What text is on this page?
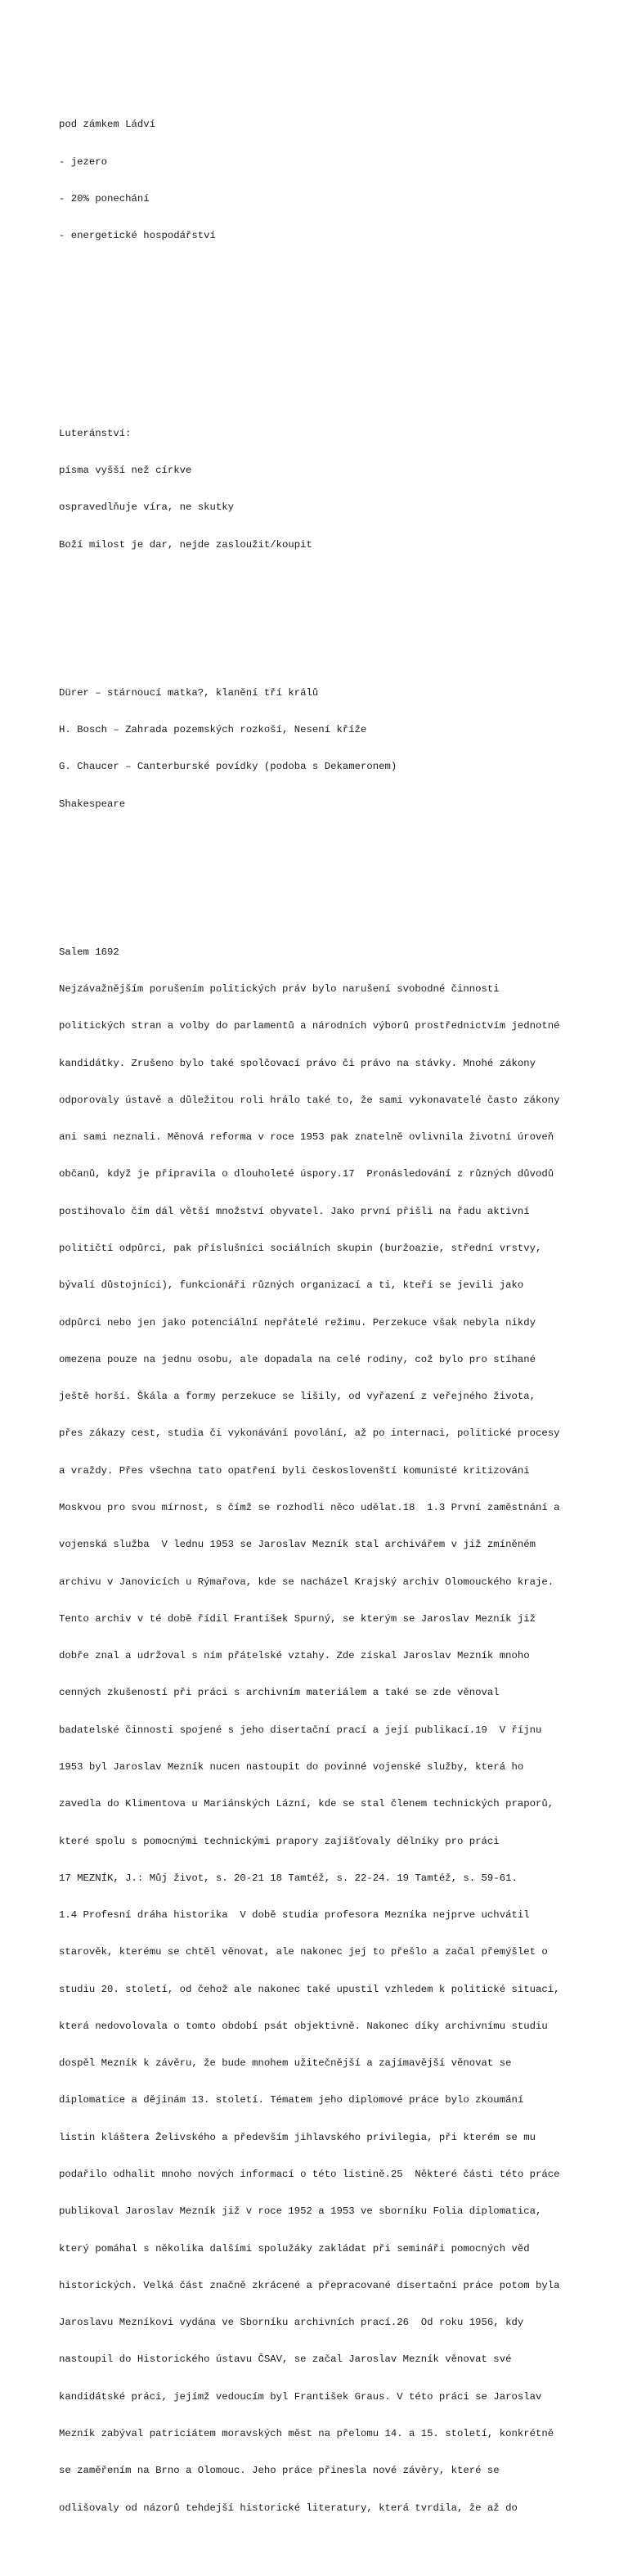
pod zámkem Ládví

- jezero

- 20% ponechání

- energetické hospodářství

Luteránství:

písma vyšší než církve

ospravedlňuje víra, ne skutky

Boží milost je dar, nejde zasloužit/koupit

Dürer – stárnoucí matka?, klanění tří králů

H. Bosch – Zahrada pozemských rozkoší, Nesení kříže

G. Chaucer – Canterburské povídky (podoba s Dekameronem)

Shakespeare

Salem 1692

Nejzávažnějším porušením politických práv bylo narušení svobodné činnosti

politických stran a volby do parlamentů a národních výborů prostřednictvím jednotné

kandidátky. Zrušeno bylo také spolčovací právo či právo na stávky. Mnohé zákony

odporovaly ústavě a důležitou roli hrálo také to, že sami vykonavatelé často zákony

ani sami neznali. Měnová reforma v roce 1953 pak znatelně ovlivnila životní úroveň

občanů, když je připravila o dlouholeté úspory.17  Pronásledování z různých důvodů

postihovalo čím dál větší množství obyvatel. Jako první přišli na řadu aktivní

političtí odpůrci, pak příslušníci sociálních skupin (buržoazie, střední vrstvy,

bývalí důstojníci), funkcionáři různých organizací a ti, kteří se jevili jako

odpůrci nebo jen jako potenciální nepřátelé režimu. Perzekuce však nebyla nikdy

omezena pouze na jednu osobu, ale dopadala na celé rodiny, což bylo pro stíhané

ještě horší. Škála a formy perzekuce se lišily, od vyřazení z veřejného života,

přes zákazy cest, studia či vykonávání povolání, až po internaci, politické procesy

a vraždy. Přes všechna tato opatření byli českoslovenští komunisté kritizováni

Moskvou pro svou mírnost, s čímž se rozhodli něco udělat.18  1.3 První zaměstnání a

vojenská služba  V lednu 1953 se Jaroslav Mezník stal archivářem v již zmíněném

archivu v Janovicích u Rýmařova, kde se nacházel Krajský archiv Olomouckého kraje.

Tento archiv v té době řídil František Spurný, se kterým se Jaroslav Mezník již

dobře znal a udržoval s ním přátelské vztahy. Zde získal Jaroslav Mezník mnoho

cenných zkušeností při práci s archivním materiálem a také se zde věnoval

badatelské činnosti spojené s jeho disertační prací a její publikací.19  V říjnu

1953 byl Jaroslav Mezník nucen nastoupit do povinné vojenské služby, která ho

zavedla do Klimentova u Mariánských Lázní, kde se stal členem technických praporů,

které spolu s pomocnými technickými prapory zajišťovaly dělníky pro práci

17 MEZNÍK, J.: Můj život, s. 20-21 18 Tamtéž, s. 22-24. 19 Tamtéž, s. 59-61.

1.4 Profesní dráha historika  V době studia profesora Mezníka nejprve uchvátil

starověk, kterému se chtěl věnovat, ale nakonec jej to přešlo a začal přemýšlet o

studiu 20. století, od čehož ale nakonec také upustil vzhledem k politické situaci,

která nedovolovala o tomto období psát objektivně. Nakonec díky archivnímu studiu

dospěl Mezník k závěru, že bude mnohem užitečnější a zajímavější věnovat se

diplomatice a dějinám 13. století. Tématem jeho diplomové práce bylo zkoumání

listin kláštera Želivského a především jihlavského privilegia, při kterém se mu

podařilo odhalit mnoho nových informací o této listině.25  Některé části této práce

publikoval Jaroslav Mezník již v roce 1952 a 1953 ve sborníku Folia diplomatica,

který pomáhal s několika dalšími spolužáky zakládat při semináři pomocných věd

historických. Velká část značně zkrácené a přepracované disertační práce potom byla

Jaroslavu Mezníkovi vydána ve Sborníku archivních prací.26  Od roku 1956, kdy

nastoupil do Historického ústavu ČSAV, se začal Jaroslav Mezník věnovat své

kandidátské práci, jejímž vedoucím byl František Graus. V této práci se Jaroslav

Mezník zabýval patriciátem moravských měst na přelomu 14. a 15. století, konkrétně

se zaměřením na Brno a Olomouc. Jeho práce přinesla nové závěry, které se

odlišovaly od názorů tehdejší historické literatury, která tvrdila, že až do
